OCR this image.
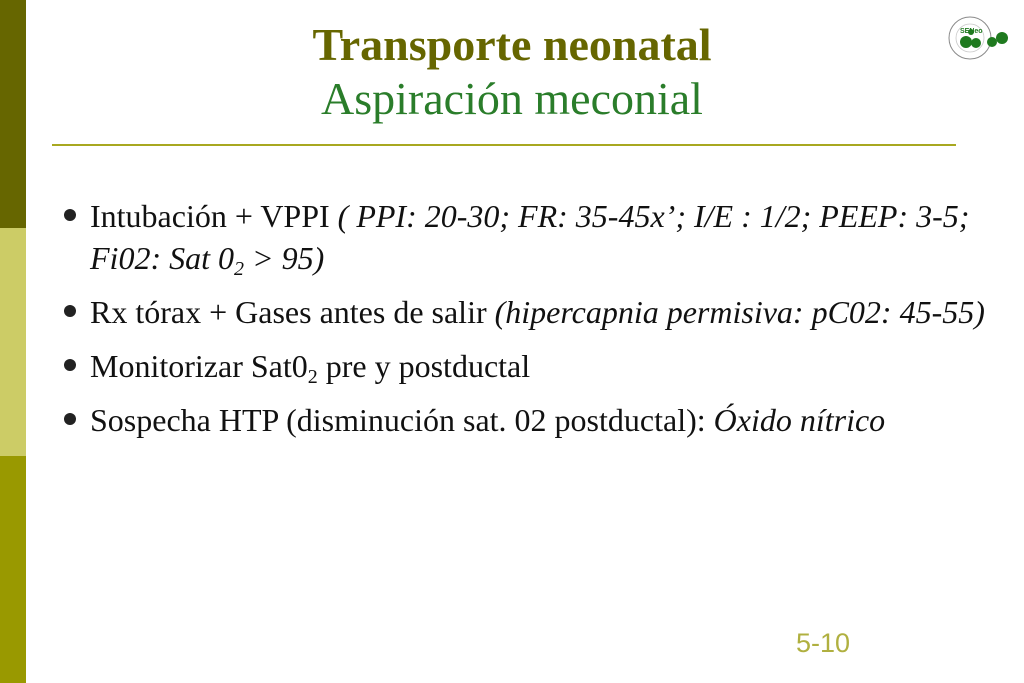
Transporte neonatal
Aspiración meconial
SENeo
Intubación + VPPI ( PPI: 20-30; FR: 35-45x’; I/E : 1/2; PEEP: 3-5; Fi02: Sat $0_2 > 95$)
Rx tórax + Gases antes de salir (hipercapnia permisiva: pC02: 45-55)
Monitorizar $Sat0_2$ pre y postductal
Sospecha HTP (disminución sat. 02 postductal): Óxido nítrico
5-10
